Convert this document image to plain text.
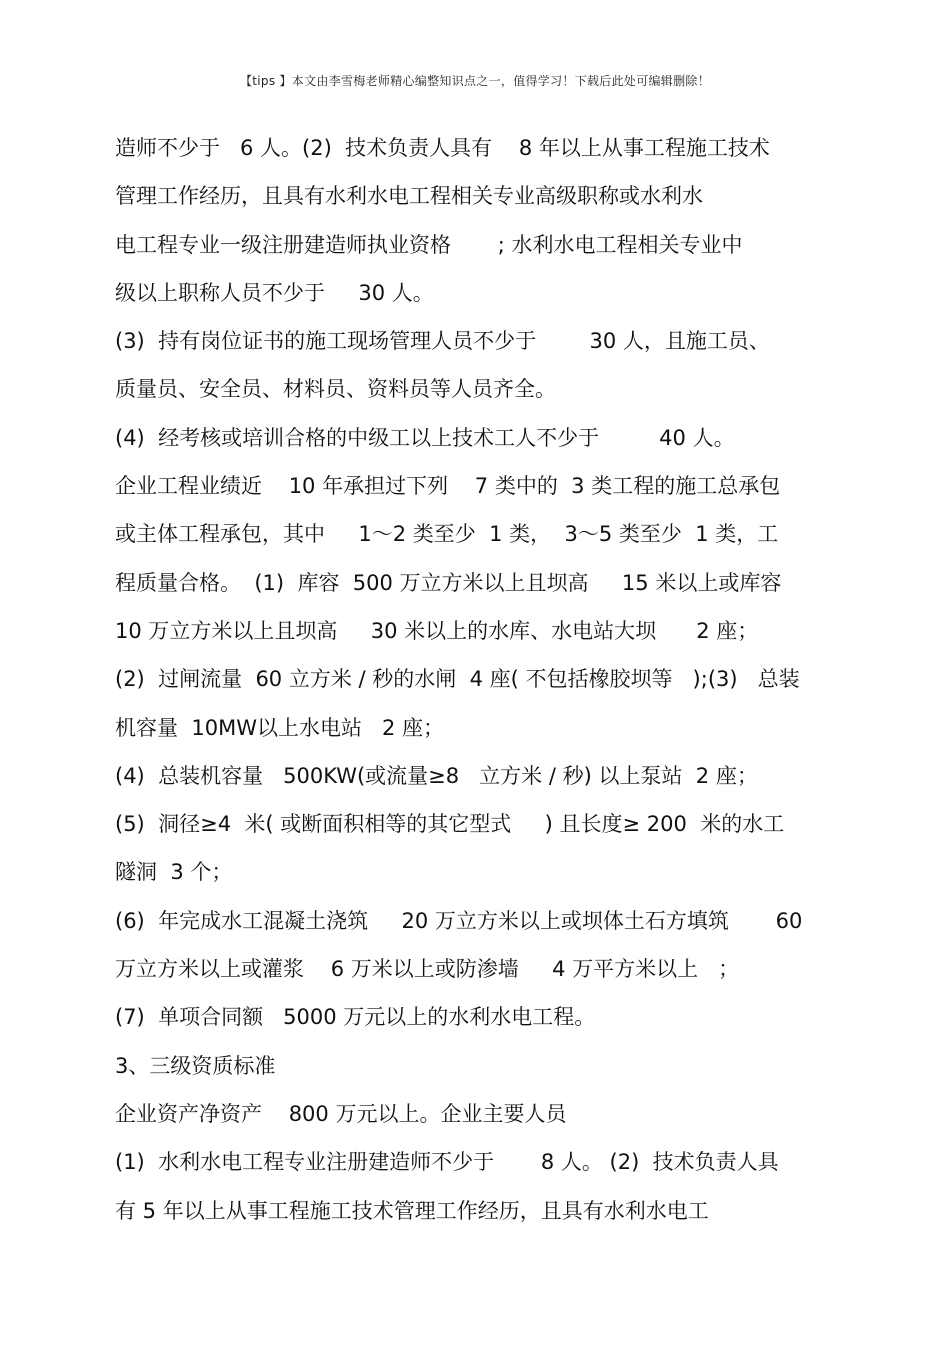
【tips 】本文由李雪梅老师精心编整知识点之一，值得学习！下载后此处可编辑删除！
造师不少于   6 人。(2)  技术负责人具有    8 年以上从事工程施工技术
管理工作经历，且具有水利水电工程相关专业高级职称或水利水
电工程专业一级注册建造师执业资格       ; 水利水电工程相关专业中
级以上职称人员不少于     30 人。
(3)  持有岗位证书的施工现场管理人员不少于        30 人，且施工员、
质量员、安全员、材料员、资料员等人员齐全。
(4)  经考核或培训合格的中级工以上技术工人不少于         40 人。
企业工程业绩近    10 年承担过下列    7 类中的  3 类工程的施工总承包
或主体工程承包，其中     1～2 类至少  1 类，  3～5 类至少  1 类，工
程质量合格。  (1)  库容  500 万立方米以上且坝高     15 米以上或库容
10 万立方米以上且坝高     30 米以上的水库、水电站大坝      2 座；
(2)  过闸流量  60 立方米 / 秒的水闸  4 座( 不包括橡胶坝等   );(3)   总装
机容量  10MW以上水电站   2 座；
(4)  总装机容量   500KW(或流量≥8   立方米 / 秒) 以上泵站  2 座；
(5)  洞径≥4  米( 或断面积相等的其它型式     ) 且长度≥ 200  米的水工
隧洞  3 个；
(6)  年完成水工混凝土浇筑     20 万立方米以上或坝体土石方填筑       60
万立方米以上或灌浆    6 万米以上或防渗墙     4 万平方米以上   ；
(7)  单项合同额   5000 万元以上的水利水电工程。
3、三级资质标准
企业资产净资产    800 万元以上。企业主要人员
(1)  水利水电工程专业注册建造师不少于       8 人。 (2)  技术负责人具
有 5 年以上从事工程施工技术管理工作经历，且具有水利水电工
